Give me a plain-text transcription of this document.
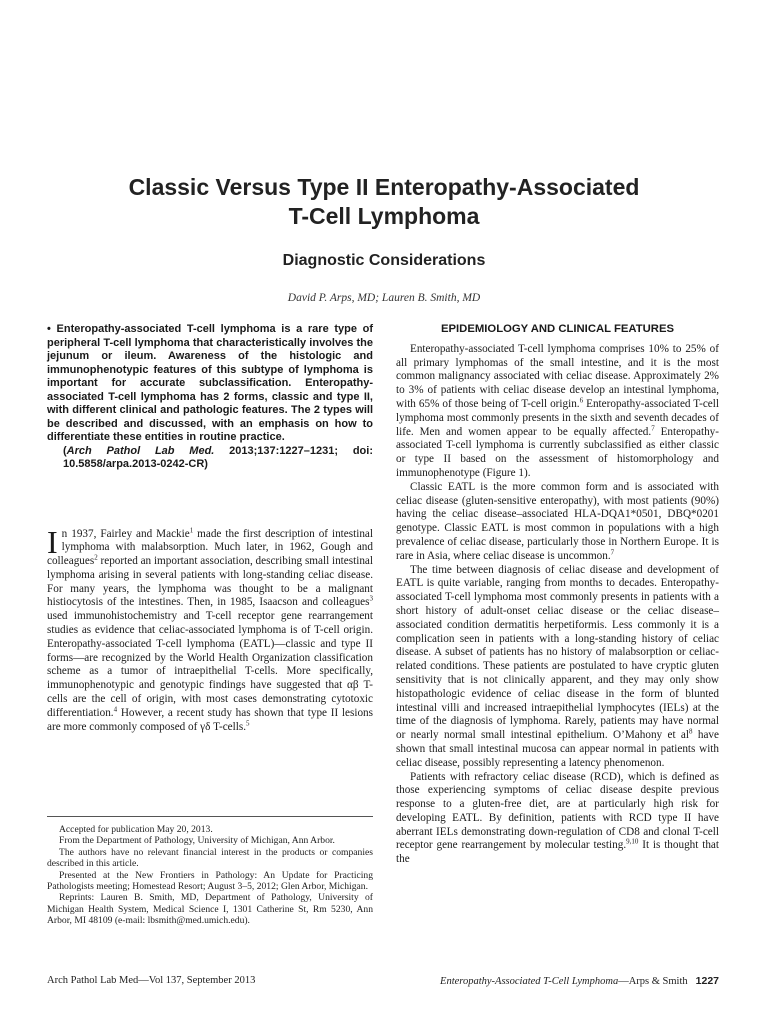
Classic Versus Type II Enteropathy-Associated
T-Cell Lymphoma
Diagnostic Considerations
David P. Arps, MD; Lauren B. Smith, MD
• Enteropathy-associated T-cell lymphoma is a rare type of peripheral T-cell lymphoma that characteristically involves the jejunum or ileum. Awareness of the histologic and immunophenotypic features of this subtype of lymphoma is important for accurate subclassification. Enteropathy-associated T-cell lymphoma has 2 forms, classic and type II, with different clinical and pathologic features. The 2 types will be described and discussed, with an emphasis on how to differentiate these entities in routine practice.
(Arch Pathol Lab Med. 2013;137:1227–1231; doi: 10.5858/arpa.2013-0242-CR)

In 1937, Fairley and Mackie$^1$ made the first description of intestinal lymphoma with malabsorption. Much later, in 1962, Gough and colleagues$^2$ reported an important association, describing small intestinal lymphoma arising in several patients with long-standing celiac disease. For many years, the lymphoma was thought to be a malignant histiocytosis of the intestines. Then, in 1985, Isaacson and colleagues$^3$ used immunohistochemistry and T-cell receptor gene rearrangement studies as evidence that celiac-associated lymphoma is of T-cell origin. Enteropathy-associated T-cell lymphoma (EATL)—classic and type II forms—are recognized by the World Health Organization classification scheme as a tumor of intraepithelial T-cells. More specifically, immunophenotypic and genotypic findings have suggested that αβ T-cells are the cell of origin, with most cases demonstrating cytotoxic differentiation.$^4$ However, a recent study has shown that type II lesions are more commonly composed of γδ T-cells.$^5$

Accepted for publication May 20, 2013.

From the Department of Pathology, University of Michigan, Ann Arbor.

The authors have no relevant financial interest in the products or companies described in this article.

Presented at the New Frontiers in Pathology: An Update for Practicing Pathologists meeting; Homestead Resort; August 3–5, 2012; Glen Arbor, Michigan.

Reprints: Lauren B. Smith, MD, Department of Pathology, University of Michigan Health System, Medical Science I, 1301 Catherine St, Rm 5230, Ann Arbor, MI 48109 (e-mail: lbsmith@med.umich.edu).

EPIDEMIOLOGY AND CLINICAL FEATURES

Enteropathy-associated T-cell lymphoma comprises 10% to 25% of all primary lymphomas of the small intestine, and it is the most common malignancy associated with celiac disease. Approximately 2% to 3% of patients with celiac disease develop an intestinal lymphoma, with 65% of those being of T-cell origin.$^6$ Enteropathy-associated T-cell lymphoma most commonly presents in the sixth and seventh decades of life. Men and women appear to be equally affected.$^7$ Enteropathy-associated T-cell lymphoma is currently subclassified as either classic or type II based on the assessment of histomorphology and immunophenotype (Figure 1).

Classic EATL is the more common form and is associated with celiac disease (gluten-sensitive enteropathy), with most patients (90%) having the celiac disease–associated HLA-DQA1*0501, DBQ*0201 genotype. Classic EATL is most common in populations with a high prevalence of celiac disease, particularly those in Northern Europe. It is rare in Asia, where celiac disease is uncommon.$^7$

The time between diagnosis of celiac disease and development of EATL is quite variable, ranging from months to decades. Enteropathy-associated T-cell lymphoma most commonly presents in patients with a short history of adult-onset celiac disease or the celiac disease–associated condition dermatitis herpetiformis. Less commonly it is a complication seen in patients with a long-standing history of celiac disease. A subset of patients has no history of malabsorption or celiac-related conditions. These patients are postulated to have cryptic gluten sensitivity that is not clinically apparent, and they may only show histopathologic evidence of celiac disease in the form of blunted intestinal villi and increased intraepithelial lymphocytes (IELs) at the time of the diagnosis of lymphoma. Rarely, patients may have normal or nearly normal small intestinal epithelium. O’Mahony et $al^8$ have shown that small intestinal mucosa can appear normal in patients with celiac disease, possibly representing a latency phenomenon.

Patients with refractory celiac disease (RCD), which is defined as those experiencing symptoms of celiac disease despite previous response to a gluten-free diet, are at particularly high risk for developing EATL. By definition, patients with RCD type II have aberrant IELs demonstrating down-regulation of CD8 and clonal T-cell receptor gene rearrangement by molecular testing.$^{9,10}$ It is thought that the

Arch Pathol Lab Med—Vol 137, September 2013	Enteropathy-Associated T-Cell Lymphoma—Arps & Smith 1227
